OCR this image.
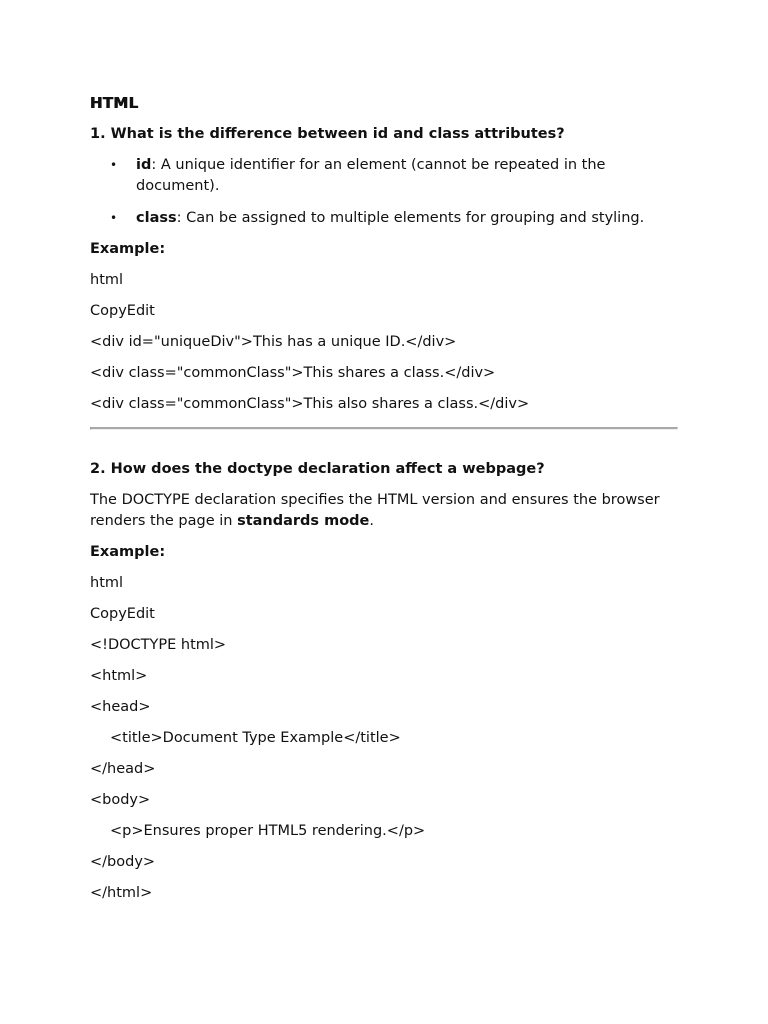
HTML
1. What is the difference between id and class attributes?
• id: A unique identifier for an element (cannot be repeated in the document).
• class: Can be assigned to multiple elements for grouping and styling.

Example:

html

CopyEdit

<div id="uniqueDiv">This has a unique ID.</div>

<div class="commonClass">This shares a class.</div>

<div class="commonClass">This also shares a class.</div>

2. How does the doctype declaration affect a webpage?

The DOCTYPE declaration specifies the HTML version and ensures the browser renders the page in standards mode.

Example:

html

CopyEdit

<!DOCTYPE html>

<html>

<head>

<title>Document Type Example</title>

</head>

<body>

<p>Ensures proper HTML5 rendering.</p>

</body>

</html>
